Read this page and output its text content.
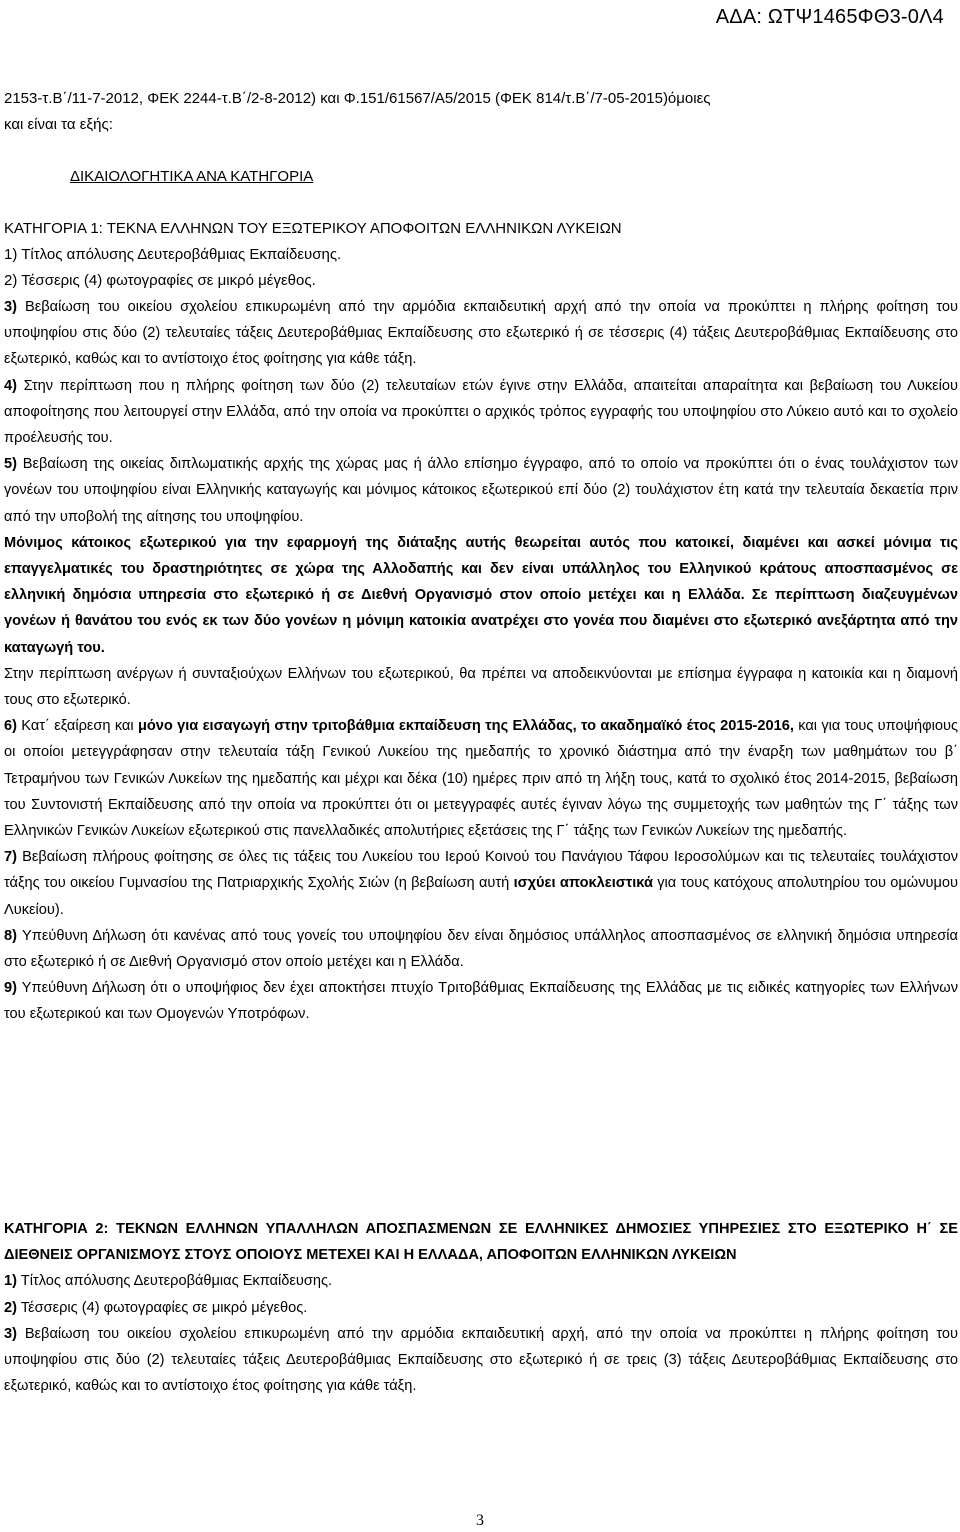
ΑΔΑ: ΩΤΨ1465ΦΘ3-0Λ4

2153-τ.Β΄/11-7-2012, ΦΕΚ 2244-τ.Β΄/2-8-2012) και Φ.151/61567/Α5/2015 (ΦΕΚ 814/τ.Β΄/7-05-2015)όμοιες

και είναι τα εξής:

ΔΙΚΑΙΟΛΟΓΗΤΙΚΑ ΑΝΑ ΚΑΤΗΓΟΡΙΑ

ΚΑΤΗΓΟΡΙΑ 1: ΤΕΚΝΑ ΕΛΛΗΝΩΝ ΤΟΥ ΕΞΩΤΕΡΙΚΟΥ ΑΠΟΦΟΙΤΩΝ ΕΛΛΗΝΙΚΩΝ ΛΥΚΕΙΩΝ

1) Τίτλος απόλυσης Δευτεροβάθμιας Εκπαίδευσης.

2) Τέσσερις (4) φωτογραφίες σε μικρό μέγεθος.

3) Βεβαίωση του οικείου σχολείου επικυρωμένη από την αρμόδια εκπαιδευτική αρχή από την οποία να προκύπτει η πλήρης φοίτηση του υποψηφίου στις δύο (2) τελευταίες τάξεις Δευτεροβάθμιας Εκπαίδευσης στο εξωτερικό ή σε τέσσερις (4) τάξεις Δευτεροβάθμιας Εκπαίδευσης στο εξωτερικό, καθώς και το αντίστοιχο έτος φοίτησης για κάθε τάξη.

4) Στην περίπτωση που η πλήρης φοίτηση των δύο (2) τελευταίων ετών έγινε στην Ελλάδα, απαιτείται απαραίτητα και βεβαίωση του Λυκείου αποφοίτησης που λειτουργεί στην Ελλάδα, από την οποία να προκύπτει ο αρχικός τρόπος εγγραφής του υποψηφίου στο Λύκειο αυτό και το σχολείο προέλευσής του.

5) Βεβαίωση της οικείας διπλωματικής αρχής της χώρας μας ή άλλο επίσημο έγγραφο, από το οποίο να προκύπτει ότι ο ένας τουλάχιστον των γονέων του υποψηφίου είναι Ελληνικής καταγωγής και μόνιμος κάτοικος εξωτερικού επί δύο (2) τουλάχιστον έτη κατά την τελευταία δεκαετία πριν από την υποβολή της αίτησης του υποψηφίου.

Μόνιμος κάτοικος εξωτερικού για την εφαρμογή της διάταξης αυτής θεωρείται αυτός που κατοικεί, διαμένει και ασκεί μόνιμα τις επαγγελματικές του δραστηριότητες σε χώρα της Αλλοδαπής και δεν είναι υπάλληλος του Ελληνικού κράτους αποσπασμένος σε ελληνική δημόσια υπηρεσία στο εξωτερικό ή σε Διεθνή Οργανισμό στον οποίο μετέχει και η Ελλάδα. Σε περίπτωση διαζευγμένων γονέων ή θανάτου του ενός εκ των δύο γονέων η μόνιμη κατοικία ανατρέχει στο γονέα που διαμένει στο εξωτερικό ανεξάρτητα από την καταγωγή του.

Στην περίπτωση ανέργων ή συνταξιούχων Ελλήνων του εξωτερικού, θα πρέπει να αποδεικνύονται με επίσημα έγγραφα η κατοικία και η διαμονή τους στο εξωτερικό.

6) Κατ΄ εξαίρεση και μόνο για εισαγωγή στην τριτοβάθμια εκπαίδευση της Ελλάδας, το ακαδημαϊκό έτος 2015-2016, και για τους υποψήφιους οι οποίοι μετεγγράφησαν στην τελευταία τάξη Γενικού Λυκείου της ημεδαπής το χρονικό διάστημα από την έναρξη των μαθημάτων του β΄ Τετραμήνου των Γενικών Λυκείων της ημεδαπής και μέχρι και δέκα (10) ημέρες πριν από τη λήξη τους, κατά το σχολικό έτος 2014-2015, βεβαίωση του Συντονιστή Εκπαίδευσης από την οποία να προκύπτει ότι οι μετεγγραφές αυτές έγιναν λόγω της συμμετοχής των μαθητών της Γ΄ τάξης των Ελληνικών Γενικών Λυκείων εξωτερικού στις πανελλαδικές απολυτήριες εξετάσεις της Γ΄ τάξης των Γενικών Λυκείων της ημεδαπής.

7) Βεβαίωση πλήρους φοίτησης σε όλες τις τάξεις του Λυκείου του Ιερού Κοινού του Πανάγιου Τάφου Ιεροσολύμων και τις τελευταίες τουλάχιστον τάξης του οικείου Γυμνασίου της Πατριαρχικής Σχολής Σιών (η βεβαίωση αυτή ισχύει αποκλειστικά για τους κατόχους απολυτηρίου του ομώνυμου Λυκείου).

8) Υπεύθυνη Δήλωση ότι κανένας από τους γονείς του υποψηφίου δεν είναι δημόσιος υπάλληλος αποσπασμένος σε ελληνική δημόσια υπηρεσία στο εξωτερικό ή σε Διεθνή Οργανισμό στον οποίο μετέχει και η Ελλάδα.

9) Υπεύθυνη Δήλωση ότι ο υποψήφιος δεν έχει αποκτήσει πτυχίο Τριτοβάθμιας Εκπαίδευσης της Ελλάδας με τις ειδικές κατηγορίες των Ελλήνων του εξωτερικού και των Ομογενών Υποτρόφων.

ΚΑΤΗΓΟΡΙΑ 2: ΤΕΚΝΩΝ ΕΛΛΗΝΩΝ ΥΠΑΛΛΗΛΩΝ ΑΠΟΣΠΑΣΜΕΝΩΝ ΣΕ ΕΛΛΗΝΙΚΕΣ ΔΗΜΟΣΙΕΣ ΥΠΗΡΕΣΙΕΣ ΣΤΟ ΕΞΩΤΕΡΙΚΟ Η΄ ΣΕ ΔΙΕΘΝΕΙΣ ΟΡΓΑΝΙΣΜΟΥΣ ΣΤΟΥΣ ΟΠΟΙΟΥΣ ΜΕΤΕΧΕΙ ΚΑΙ Η ΕΛΛΑΔΑ, ΑΠΟΦΟΙΤΩΝ ΕΛΛΗΝΙΚΩΝ ΛΥΚΕΙΩΝ

1) Τίτλος απόλυσης Δευτεροβάθμιας Εκπαίδευσης.

2) Τέσσερις (4) φωτογραφίες σε μικρό μέγεθος.

3) Βεβαίωση του οικείου σχολείου επικυρωμένη από την αρμόδια εκπαιδευτική αρχή, από την οποία να προκύπτει η πλήρης φοίτηση του υποψηφίου στις δύο (2) τελευταίες τάξεις Δευτεροβάθμιας Εκπαίδευσης στο εξωτερικό ή σε τρεις (3) τάξεις Δευτεροβάθμιας Εκπαίδευσης στο εξωτερικό, καθώς και το αντίστοιχο έτος φοίτησης για κάθε τάξη.

3
